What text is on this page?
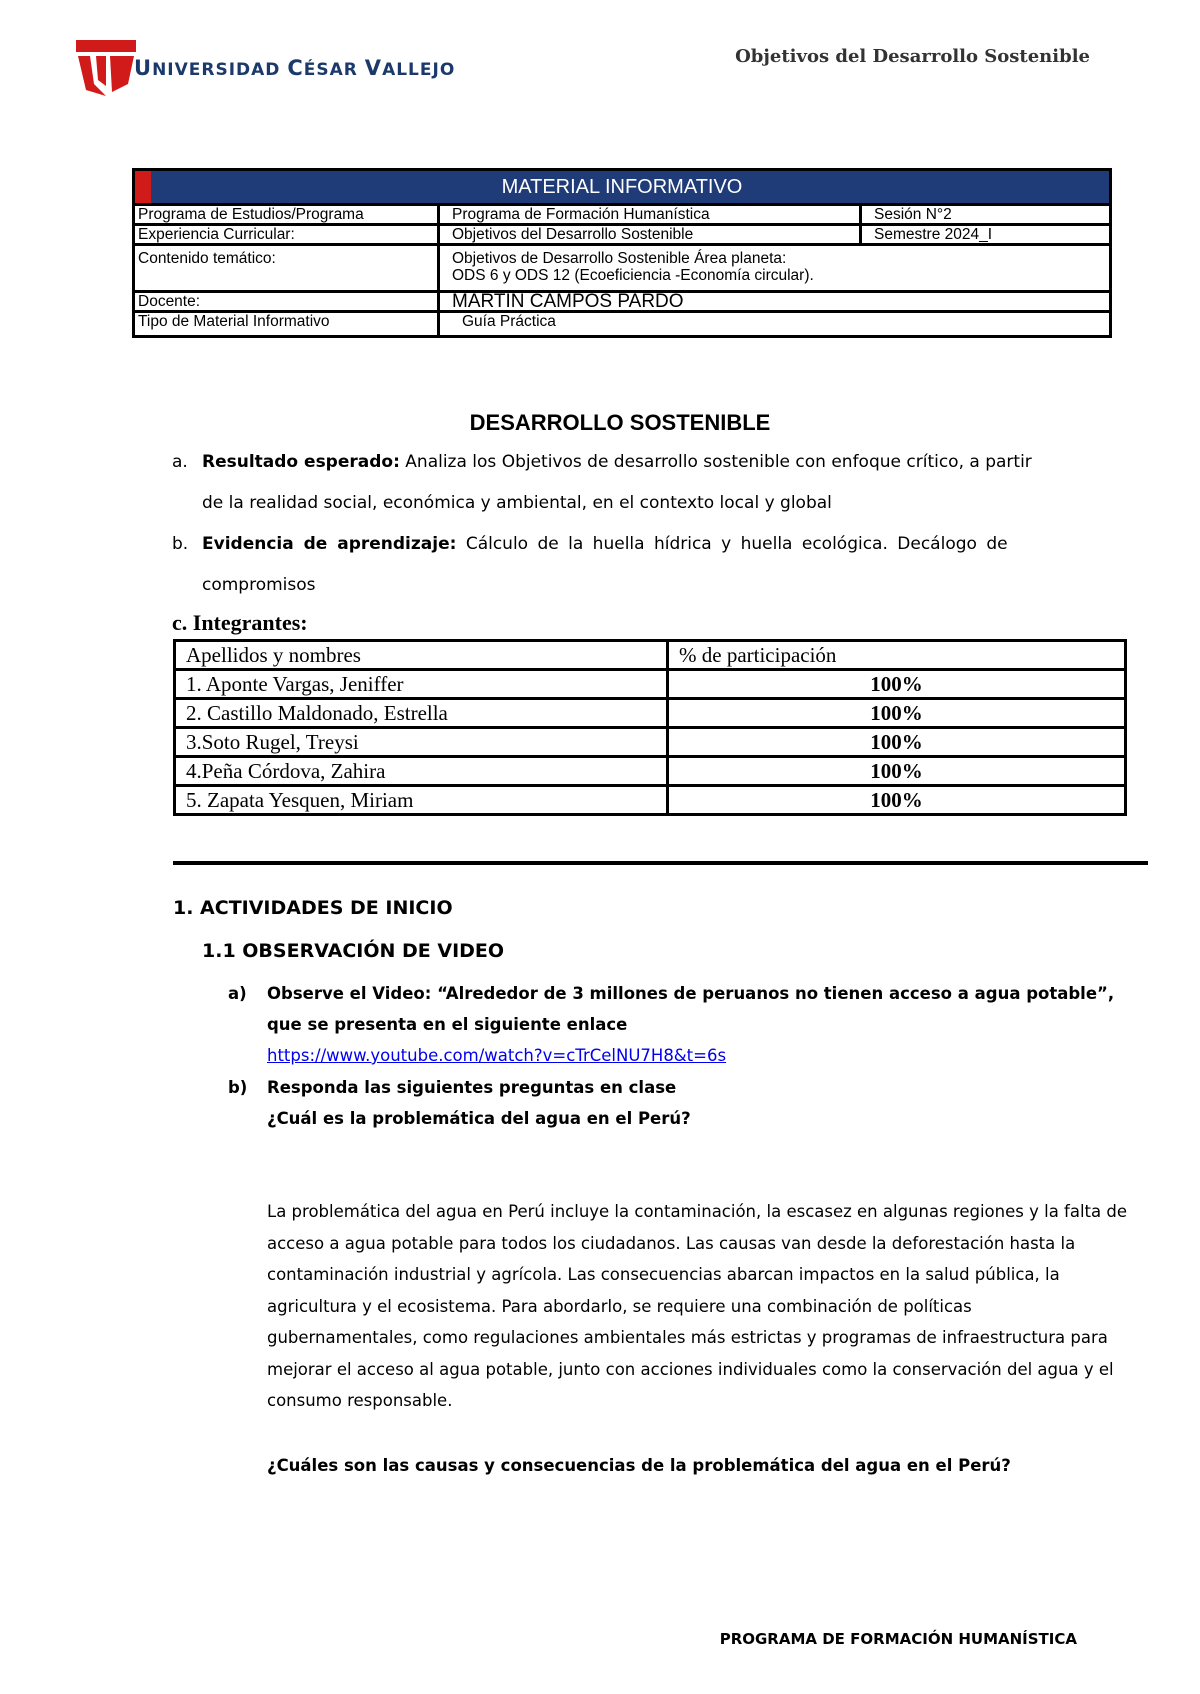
UNIVERSIDAD CÉSAR VALLEJO
Objetivos del Desarrollo Sostenible
MATERIAL INFORMATIVO		
Programa de Estudios/Programa	Programa de Formación Humanística	Sesión N°2
Experiencia Curricular:	Objetivos del Desarrollo Sostenible	Semestre 2024_I
Contenido temático:	Objetivos de Desarrollo Sostenible Área planeta:
ODS 6 y ODS 12 (Ecoeficiencia -Economía circular).	

Docente:	MARTÍN CAMPOS PARDO	
Tipo de Material Informativo	Guía Práctica	
DESARROLLO SOSTENIBLE
a. Resultado esperado: Analiza los Objetivos de desarrollo sostenible con enfoque crítico, a partir
de la realidad social, económica y ambiental, en el contexto local y global
b. Evidencia de aprendizaje: Cálculo de la huella hídrica y huella ecológica. Decálogo de
compromisos
c. Integrantes:
Apellidos y nombres	% de participación
1. Aponte Vargas, Jeniffer	100%
2. Castillo Maldonado, Estrella	100%
3.Soto Rugel, Treysi	100%
4.Peña Córdova, Zahira	100%
5. Zapata Yesquen, Miriam	100%
1. ACTIVIDADES DE INICIO
1.1 OBSERVACIÓN DE VIDEO
a) Observe el Video: “Alrededor de 3 millones de peruanos no tienen acceso a agua potable”,
que se presenta en el siguiente enlace
https://www.youtube.com/watch?v=cTrCelNU7H8&t=6s
b) Responda las siguientes preguntas en clase
¿Cuál es la problemática del agua en el Perú?

La problemática del agua en Perú incluye la contaminación, la escasez en algunas regiones y la falta de acceso a agua potable para todos los ciudadanos. Las causas van desde la deforestación hasta la contaminación industrial y agrícola. Las consecuencias abarcan impactos en la salud pública, la agricultura y el ecosistema. Para abordarlo, se requiere una combinación de políticas gubernamentales, como regulaciones ambientales más estrictas y programas de infraestructura para mejorar el acceso al agua potable, junto con acciones individuales como la conservación del agua y el consumo responsable.

¿Cuáles son las causas y consecuencias de la problemática del agua en el Perú?
PROGRAMA DE FORMACIÓN HUMANÍSTICA
